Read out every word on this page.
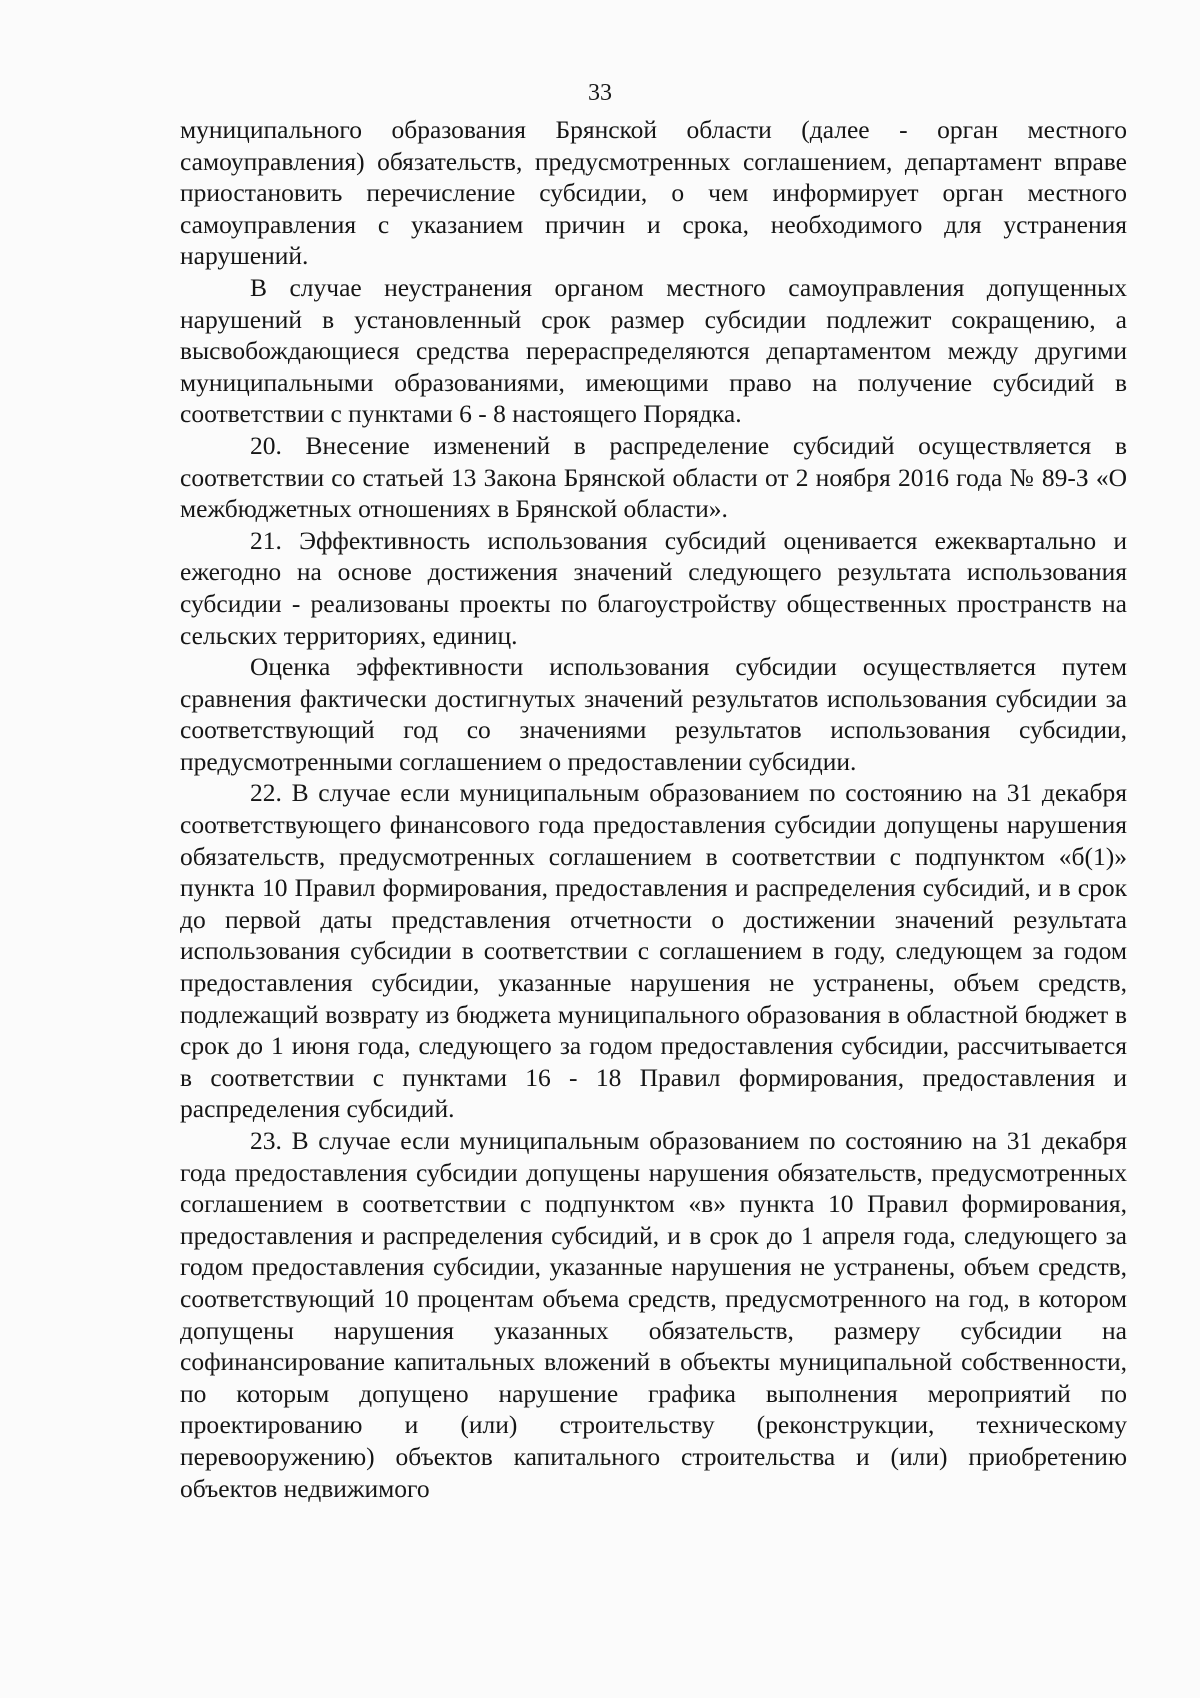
33

муниципального образования Брянской области (далее - орган местного самоуправления) обязательств, предусмотренных соглашением, департамент вправе приостановить перечисление субсидии, о чем информирует орган местного самоуправления с указанием причин и срока, необходимого для устранения нарушений.

В случае неустранения органом местного самоуправления допущенных нарушений в установленный срок размер субсидии подлежит сокращению, а высвобождающиеся средства перераспределяются департаментом между другими муниципальными образованиями, имеющими право на получение субсидий в соответствии с пунктами 6 - 8 настоящего Порядка.

20. Внесение изменений в распределение субсидий осуществляется в соответствии со статьей 13 Закона Брянской области от 2 ноября 2016 года № 89-З «О межбюджетных отношениях в Брянской области».

21. Эффективность использования субсидий оценивается ежеквартально и ежегодно на основе достижения значений следующего результата использования субсидии - реализованы проекты по благоустройству общественных пространств на сельских территориях, единиц.

Оценка эффективности использования субсидии осуществляется путем сравнения фактически достигнутых значений результатов использования субсидии за соответствующий год со значениями результатов использования субсидии, предусмотренными соглашением о предоставлении субсидии.

22. В случае если муниципальным образованием по состоянию на 31 декабря соответствующего финансового года предоставления субсидии допущены нарушения обязательств, предусмотренных соглашением в соответствии с подпунктом «б(1)» пункта 10 Правил формирования, предоставления и распределения субсидий, и в срок до первой даты представления отчетности о достижении значений результата использования субсидии в соответствии с соглашением в году, следующем за годом предоставления субсидии, указанные нарушения не устранены, объем средств, подлежащий возврату из бюджета муниципального образования в областной бюджет в срок до 1 июня года, следующего за годом предоставления субсидии, рассчитывается в соответствии с пунктами 16 - 18 Правил формирования, предоставления и распределения субсидий.

23. В случае если муниципальным образованием по состоянию на 31 декабря года предоставления субсидии допущены нарушения обязательств, предусмотренных соглашением в соответствии с подпунктом «в» пункта 10 Правил формирования, предоставления и распределения субсидий, и в срок до 1 апреля года, следующего за годом предоставления субсидии, указанные нарушения не устранены, объем средств, соответствующий 10 процентам объема средств, предусмотренного на год, в котором допущены нарушения указанных обязательств, размеру субсидии на софинансирование капитальных вложений в объекты муниципальной собственности, по которым допущено нарушение графика выполнения мероприятий по проектированию и (или) строительству (реконструкции, техническому перевооружению) объектов капитального строительства и (или) приобретению объектов недвижимого
